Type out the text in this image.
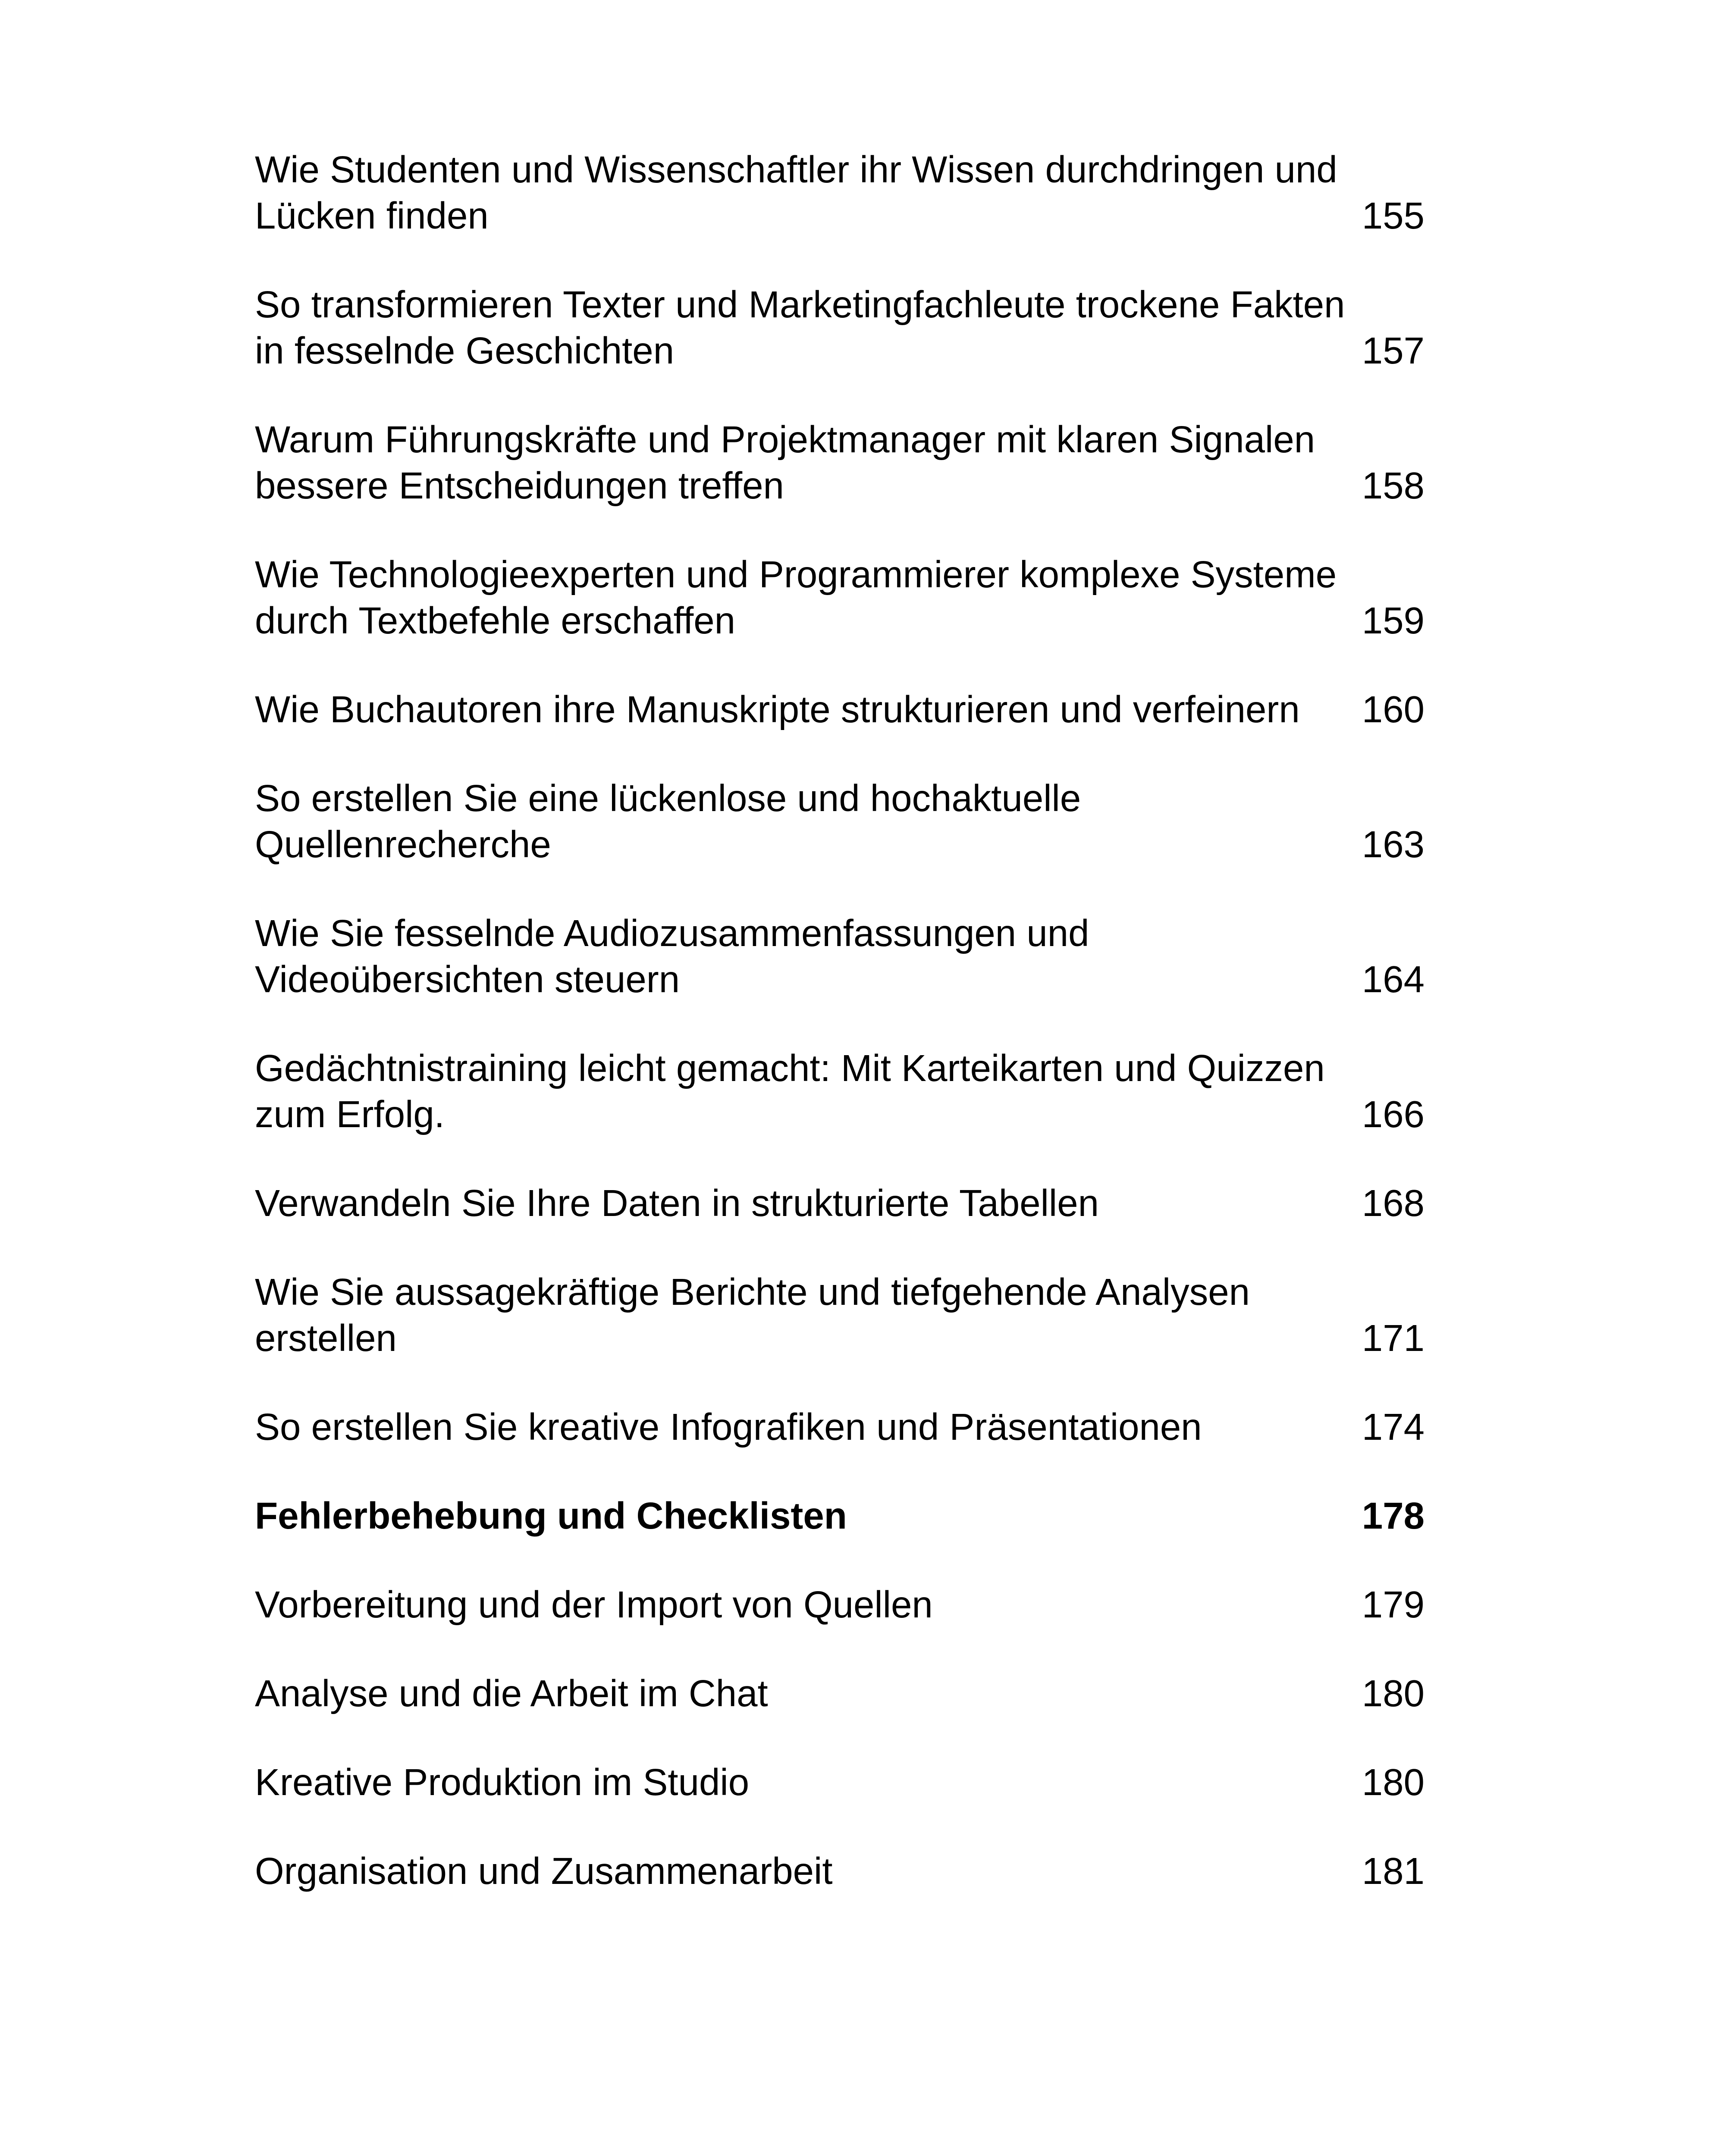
Wie Studenten und Wissenschaftler ihr Wissen durchdringen und
Lücken finden	155
So transformieren Texter und Marketingfachleute trockene Fakten
in fesselnde Geschichten	157
Warum Führungskräfte und Projektmanager mit klaren Signalen
bessere Entscheidungen treffen	158
Wie Technologieexperten und Programmierer komplexe Systeme
durch Textbefehle erschaffen	159
Wie Buchautoren ihre Manuskripte strukturieren und verfeinern 160
So erstellen Sie eine lückenlose und hochaktuelle
Quellenrecherche	163
Wie Sie fesselnde Audiozusammenfassungen und
Videoübersichten steuern	164
Gedächtnistraining leicht gemacht: Mit Karteikarten und Quizzen
zum Erfolg.	166
Verwandeln Sie Ihre Daten in strukturierte Tabellen	168
Wie Sie aussagekräftige Berichte und tiefgehende Analysen
erstellen	171
So erstellen Sie kreative Infografiken und Präsentationen	174
Fehlerbehebung und Checklisten	178
Vorbereitung und der Import von Quellen	179
Analyse und die Arbeit im Chat	180
Kreative Produktion im Studio	180
Organisation und Zusammenarbeit	181
